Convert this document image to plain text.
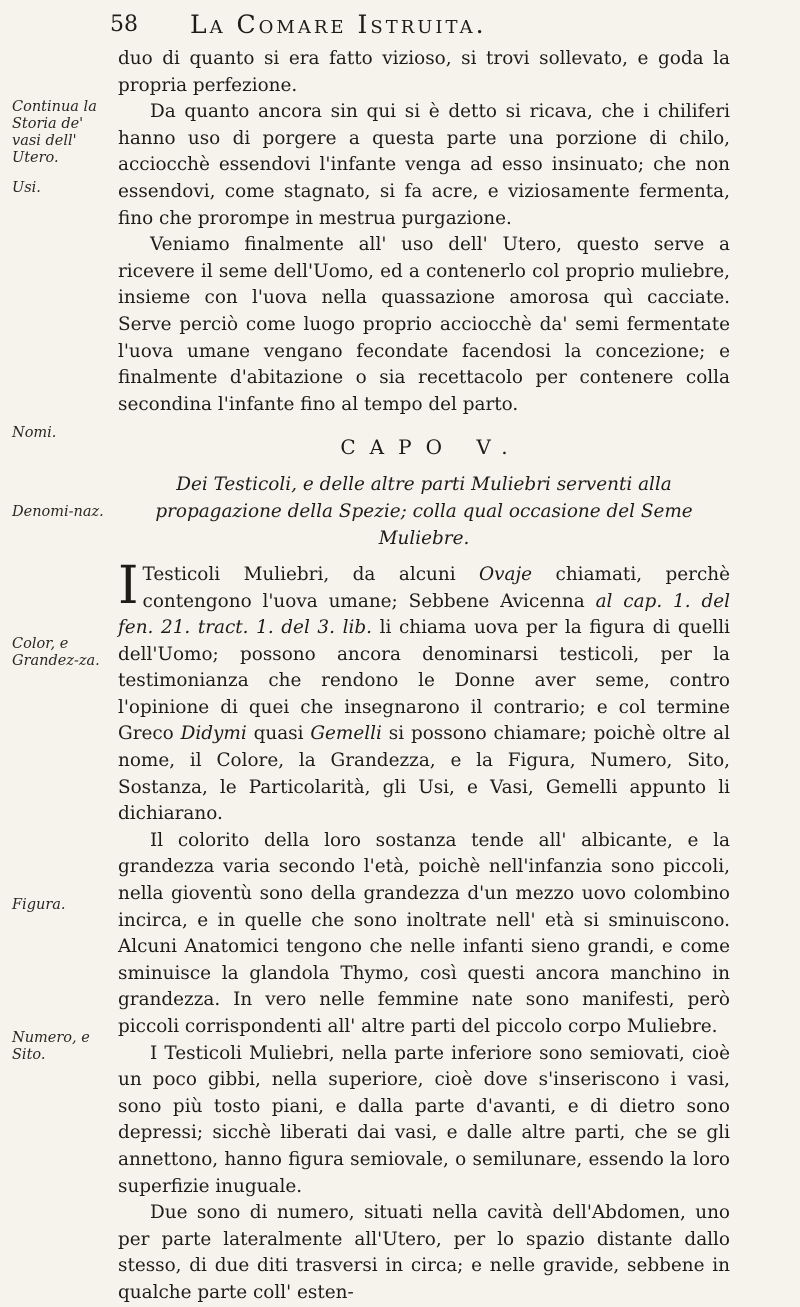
58 La Comare Istruita.
Continua la Storia de' vasi dell' Utero.
Usi.
Nomi.
Denomi-naz.
Color, e Grandez-za.
Figura.
Numero, e Sito.

duo di quanto si era fatto vizioso, si trovi sollevato, e goda la propria perfezione.

Da quanto ancora sin qui si è detto si ricava, che i chiliferi hanno uso di porgere a questa parte una porzione di chilo, acciocchè essendovi l'infante venga ad esso insinuato; che non essendovi, come stagnato, si fa acre, e viziosamente fermenta, fino che prorompe in mestrua purgazione.

Veniamo finalmente all' uso dell' Utero, questo serve a ricevere il seme dell'Uomo, ed a contenerlo col proprio muliebre, insieme con l'uova nella quassazione amorosa quì cacciate. Serve perciò come luogo proprio acciocchè da' semi fermentate l'uova umane vengano fecondate facendosi la concezione; e finalmente d'abitazione o sia recettacolo per contenere colla secondina l'infante fino al tempo del parto.

CAPO V.
Dei Testicoli, e delle altre parti Muliebri serventi alla propagazione della Spezie; colla qual occasione del Seme Muliebre.

I Testicoli Muliebri, da alcuni Ovaje chiamati, perchè contengono l'uova umane; Sebbene Avicenna al cap. 1. del fen. 21. tract. 1. del 3. lib. li chiama uova per la figura di quelli dell'Uomo; possono ancora denominarsi testicoli, per la testimonianza che rendono le Donne aver seme, contro l'opinione di quei che insegnarono il contrario; e col termine Greco Didymi quasi Gemelli si possono chiamare; poichè oltre al nome, il Colore, la Grandezza, e la Figura, Numero, Sito, Sostanza, le Particolarità, gli Usi, e Vasi, Gemelli appunto li dichiarano.

Il colorito della loro sostanza tende all' albicante, e la grandezza varia secondo l'età, poichè nell'infanzia sono piccoli, nella gioventù sono della grandezza d'un mezzo uovo colombino incirca, e in quelle che sono inoltrate nell' età si sminuiscono. Alcuni Anatomici tengono che nelle infanti sieno grandi, e come sminuisce la glandola Thymo, così questi ancora manchino in grandezza. In vero nelle femmine nate sono manifesti, però piccoli corrispondenti all' altre parti del piccolo corpo Muliebre.

I Testicoli Muliebri, nella parte inferiore sono semiovati, cioè un poco gibbi, nella superiore, cioè dove s'inseriscono i vasi, sono più tosto piani, e dalla parte d'avanti, e di dietro sono depressi; sicchè liberati dai vasi, e dalle altre parti, che se gli annettono, hanno figura semiovale, o semilunare, essendo la loro superfizie inuguale.

Due sono di numero, situati nella cavità dell'Abdomen, uno per parte lateralmente all'Utero, per lo spazio distante dallo stesso, di due diti trasversi in circa; e nelle gravide, sebbene in qualche parte coll' esten-
